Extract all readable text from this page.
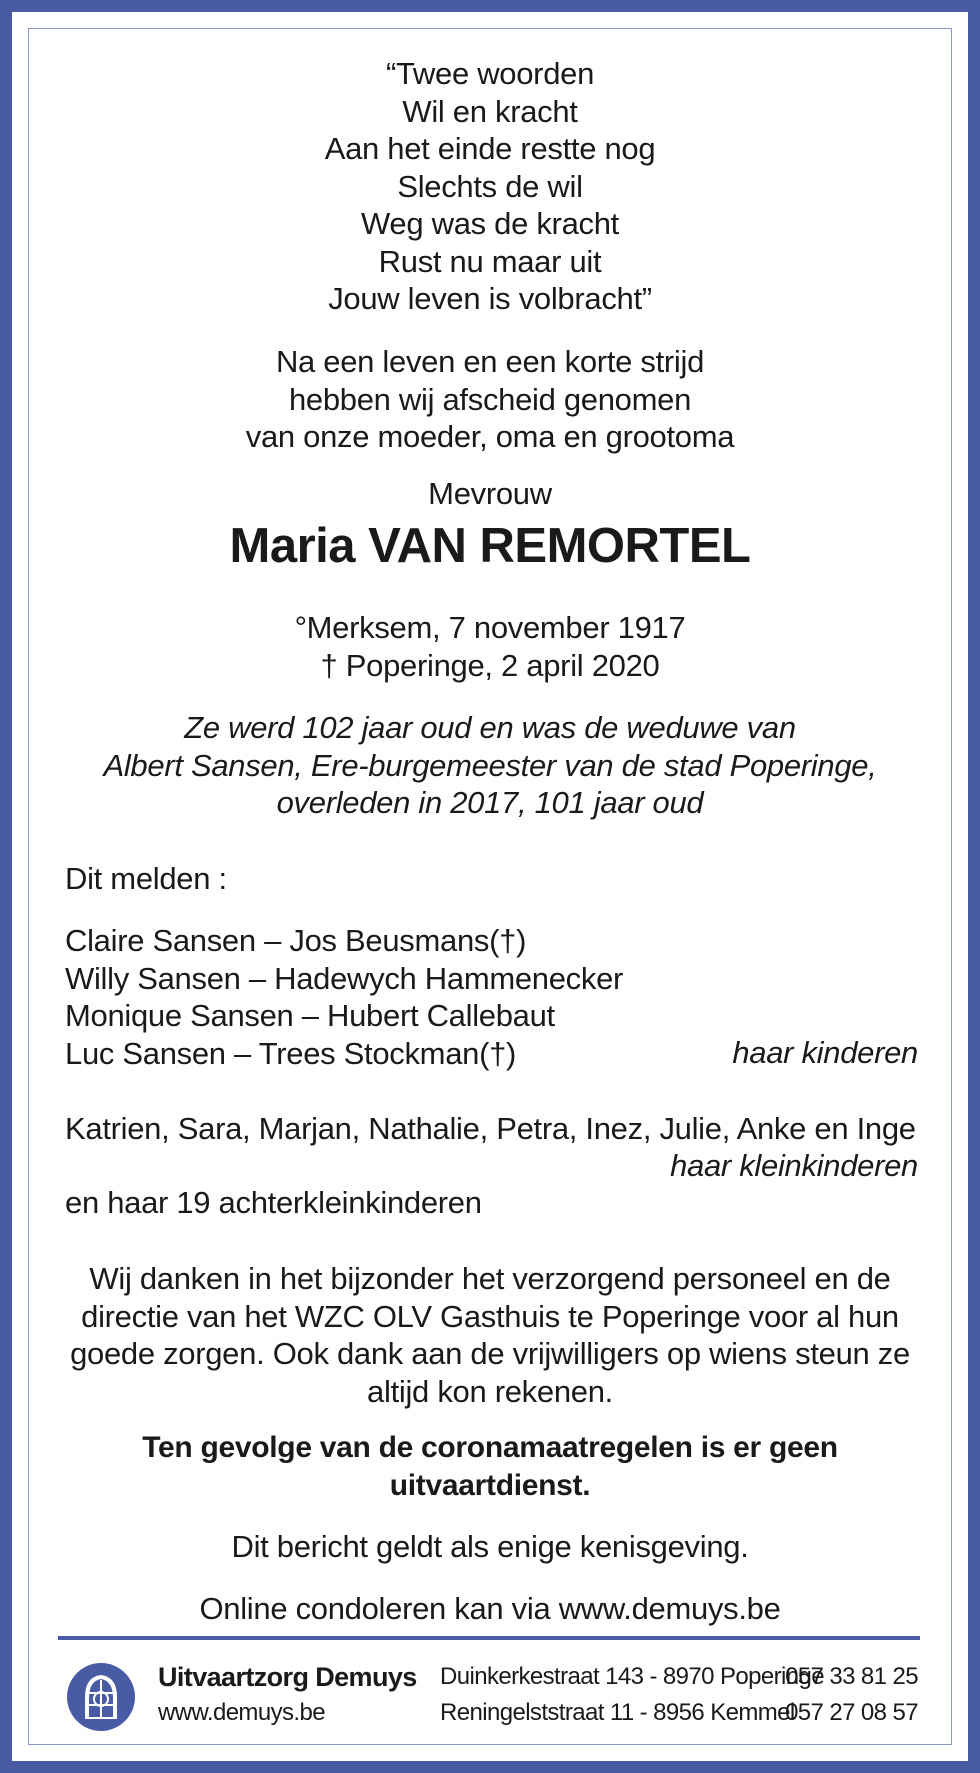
“Twee woorden
Wil en kracht
Aan het einde restte nog
Slechts de wil
Weg was de kracht
Rust nu maar uit
Jouw leven is volbracht”
Na een leven en een korte strijd
hebben wij afscheid genomen
van onze moeder, oma en grootoma
Mevrouw
Maria VAN REMORTEL
°Merksem, 7 november 1917
† Poperinge, 2 april 2020
Ze werd 102 jaar oud en was de weduwe van
Albert Sansen, Ere-burgemeester van de stad Poperinge,
overleden in 2017, 101 jaar oud
Dit melden :
Claire Sansen – Jos Beusmans(†)
Willy Sansen – Hadewych Hammenecker
Monique Sansen – Hubert Callebaut
Luc Sansen – Trees Stockman(†)	haar kinderen
Katrien, Sara, Marjan, Nathalie, Petra, Inez, Julie, Anke en Inge
haar kleinkinderen
en haar 19 achterkleinkinderen
Wij danken in het bijzonder het verzorgend personeel en de
directie van het WZC OLV Gasthuis te Poperinge voor al hun
goede zorgen. Ook dank aan de vrijwilligers op wiens steun ze
altijd kon rekenen.
Ten gevolge van de coronamaatregelen is er geen
uitvaartdienst.
Dit bericht geldt als enige kenisgeving.
Online condoleren kan via www.demuys.be
Uitvaartzorg Demuys
www.demuys.be
Duinkerkestraat 143 - 8970 Poperinge
Reningelststraat 11 - 8956 Kemmel
057 33 81 25
057 27 08 57
